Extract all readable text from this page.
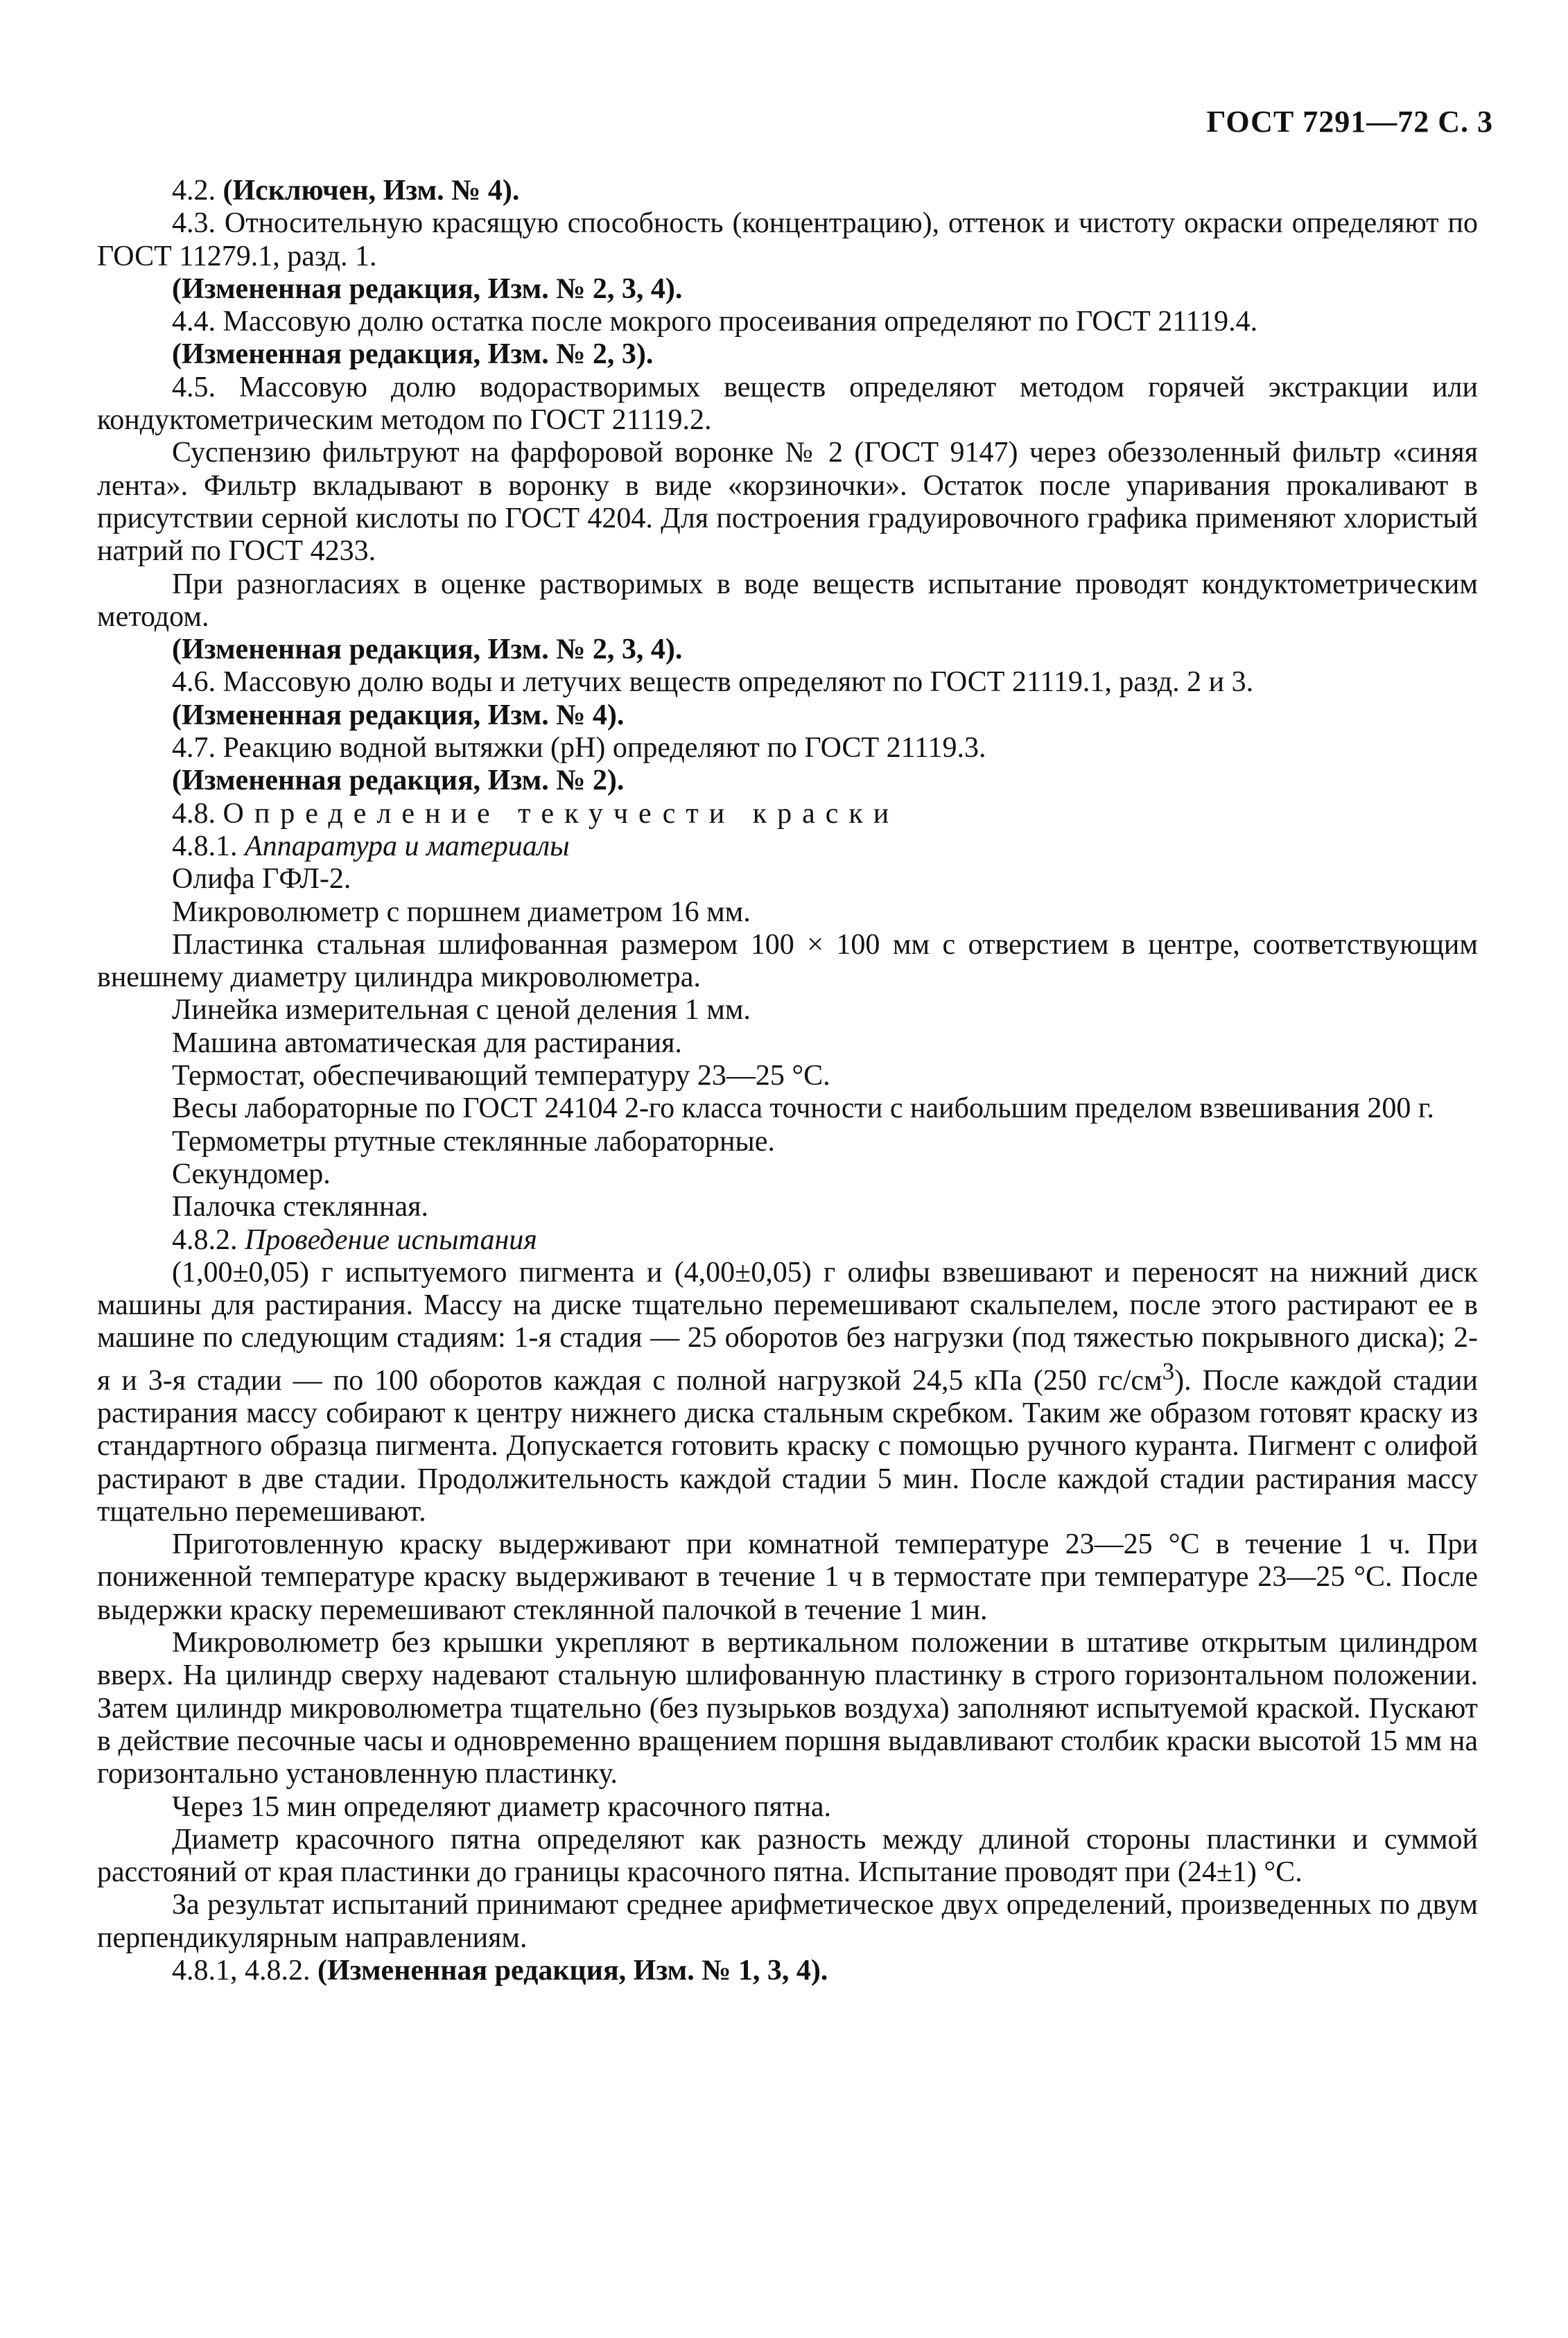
ГОСТ 7291—72 С. 3

4.2. (Исключен, Изм. № 4).

4.3. Относительную красящую способность (концентрацию), оттенок и чистоту окраски определяют по ГОСТ 11279.1, разд. 1.

(Измененная редакция, Изм. № 2, 3, 4).

4.4. Массовую долю остатка после мокрого просеивания определяют по ГОСТ 21119.4.

(Измененная редакция, Изм. № 2, 3).

4.5. Массовую долю водорастворимых веществ определяют методом горячей экстракции или кондуктометрическим методом по ГОСТ 21119.2.

Суспензию фильтруют на фарфоровой воронке № 2 (ГОСТ 9147) через обеззоленный фильтр «синяя лента». Фильтр вкладывают в воронку в виде «корзиночки». Остаток после упаривания прокаливают в присутствии серной кислоты по ГОСТ 4204. Для построения градуировочного графика применяют хлористый натрий по ГОСТ 4233.

При разногласиях в оценке растворимых в воде веществ испытание проводят кондуктометрическим методом.

(Измененная редакция, Изм. № 2, 3, 4).

4.6. Массовую долю воды и летучих веществ определяют по ГОСТ 21119.1, разд. 2 и 3.

(Измененная редакция, Изм. № 4).

4.7. Реакцию водной вытяжки (рН) определяют по ГОСТ 21119.3.

(Измененная редакция, Изм. № 2).

4.8. Определение текучести краски

4.8.1. Аппаратура и материалы

Олифа ГФЛ-2.

Микроволюметр с поршнем диаметром 16 мм.

Пластинка стальная шлифованная размером 100 × 100 мм с отверстием в центре, соответствующим внешнему диаметру цилиндра микроволюметра.

Линейка измерительная с ценой деления 1 мм.

Машина автоматическая для растирания.

Термостат, обеспечивающий температуру 23—25 °С.

Весы лабораторные по ГОСТ 24104 2-го класса точности с наибольшим пределом взвешивания 200 г.

Термометры ртутные стеклянные лабораторные.

Секундомер.

Палочка стеклянная.

4.8.2. Проведение испытания

(1,00±0,05) г испытуемого пигмента и (4,00±0,05) г олифы взвешивают и переносят на нижний диск машины для растирания. Массу на диске тщательно перемешивают скальпелем, после этого растирают ее в машине по следующим стадиям: 1-я стадия — 25 оборотов без нагрузки (под тяжестью покрывного диска); 2-я и 3-я стадии — по 100 оборотов каждая с полной нагрузкой 24,5 кПа (250 $гс/см^3$). После каждой стадии растирания массу собирают к центру нижнего диска стальным скребком. Таким же образом готовят краску из стандартного образца пигмента. Допускается готовить краску с помощью ручного куранта. Пигмент с олифой растирают в две стадии. Продолжительность каждой стадии 5 мин. После каждой стадии растирания массу тщательно перемешивают.

Приготовленную краску выдерживают при комнатной температуре 23—25 °С в течение 1 ч. При пониженной температуре краску выдерживают в течение 1 ч в термостате при температуре 23—25 °С. После выдержки краску перемешивают стеклянной палочкой в течение 1 мин.

Микроволюметр без крышки укрепляют в вертикальном положении в штативе открытым цилиндром вверх. На цилиндр сверху надевают стальную шлифованную пластинку в строго горизонтальном положении. Затем цилиндр микроволюметра тщательно (без пузырьков воздуха) заполняют испытуемой краской. Пускают в действие песочные часы и одновременно вращением поршня выдавливают столбик краски высотой 15 мм на горизонтально установленную пластинку.

Через 15 мин определяют диаметр красочного пятна.

Диаметр красочного пятна определяют как разность между длиной стороны пластинки и суммой расстояний от края пластинки до границы красочного пятна. Испытание проводят при (24±1) °С.

За результат испытаний принимают среднее арифметическое двух определений, произведенных по двум перпендикулярным направлениям.

4.8.1, 4.8.2. (Измененная редакция, Изм. № 1, 3, 4).
